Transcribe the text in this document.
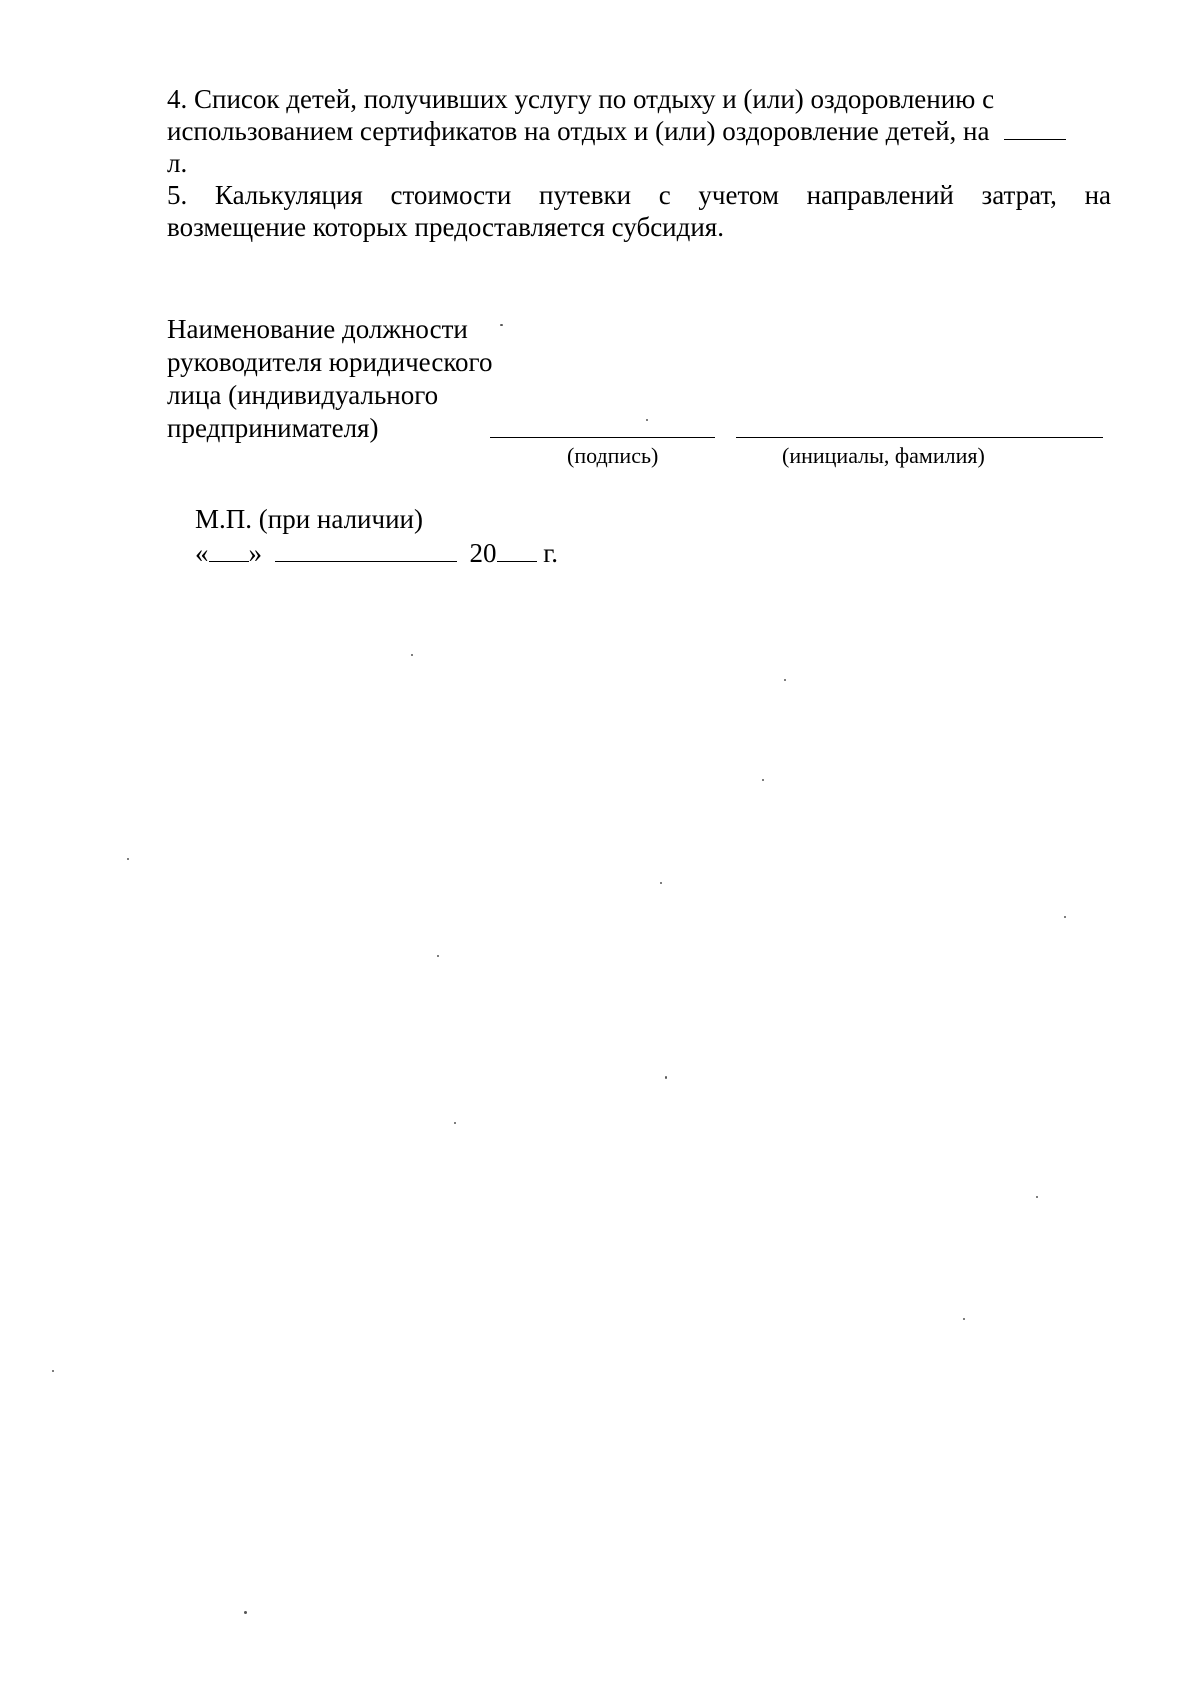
4. Список детей, получивших услугу по отдыху и (или) оздоровлению с

использованием сертификатов на отдых и (или) оздоровление детей, на

л.

5. Калькуляция стоимости путевки с учетом направлений затрат, на

возмещение которых предоставляется субсидия.

Наименование должности
руководителя юридического
лица (индивидуального
предпринимателя)
(подпись)	(инициалы, фамилия)
М.П. (при наличии)
« »	20 г.
